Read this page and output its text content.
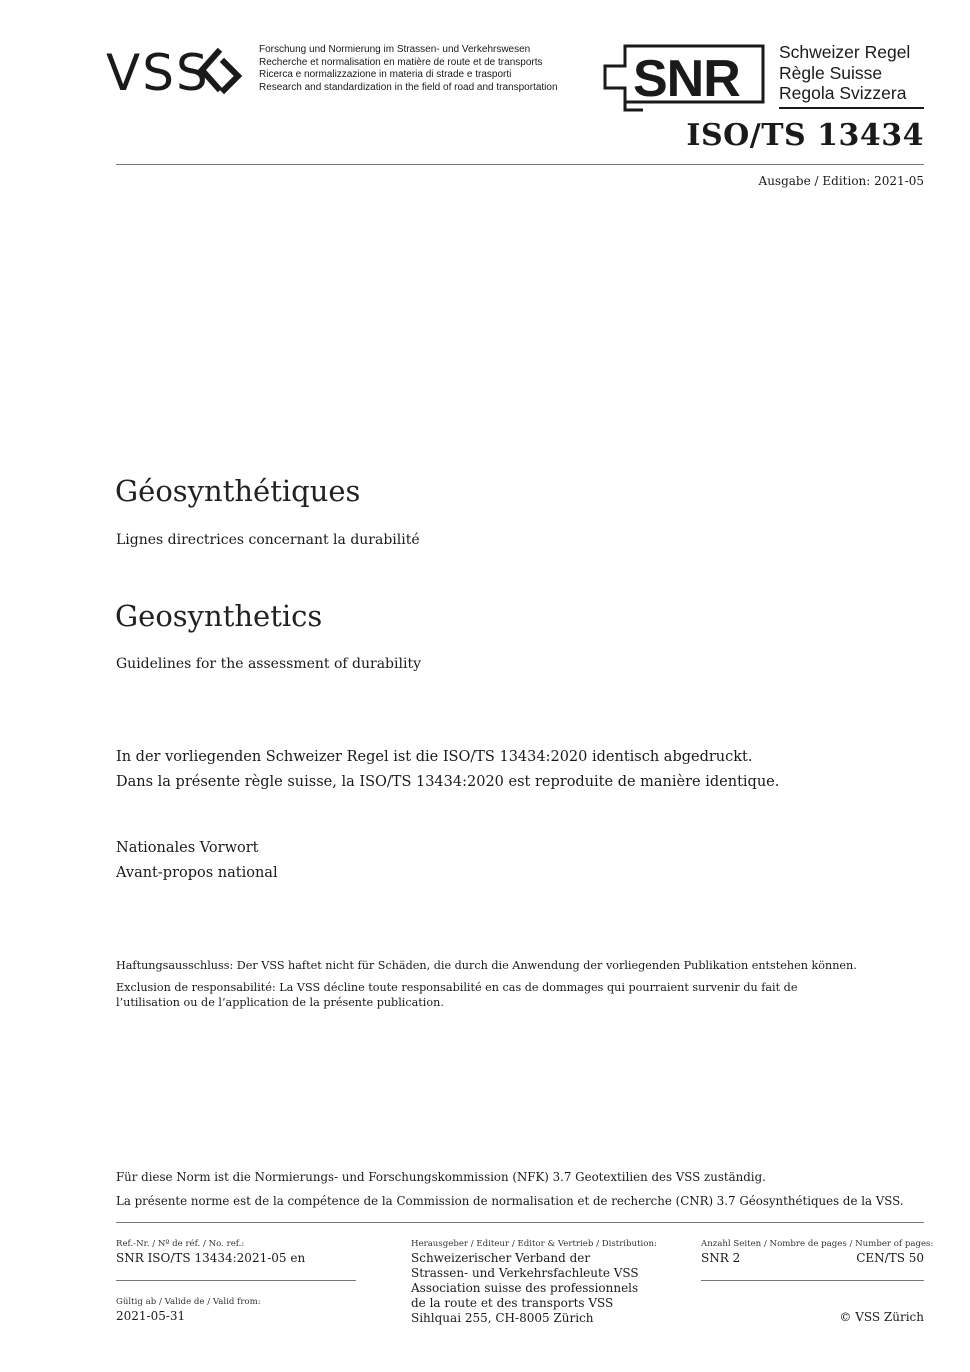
VSS	Forschung und Normierung im Strassen- und Verkehrswesen
Recherche et normalisation en matière de route et de transports
Ricerca e normalizzazione in materia di strade e trasporti
Research and standardization in the field of road and transportation SNR Schweizer Regel
Règle Suisse
Regola Svizzera
ISO/TS 13434
Ausgabe / Edition: 2021-05
Géosynthétiques
Lignes directrices concernant la durabilité
Geosynthetics
Guidelines for the assessment of durability
In der vorliegenden Schweizer Regel ist die ISO/TS 13434:2020 identisch abgedruckt.
Dans la présente règle suisse, la ISO/TS 13434:2020 est reproduite de manière identique.
Nationales Vorwort
Avant-propos national
Haftungsausschluss: Der VSS haftet nicht für Schäden, die durch die Anwendung der vorliegenden Publikation entstehen können.
Exclusion de responsabilité: La VSS décline toute responsabilité en cas de dommages qui pourraient survenir du fait de l’utilisation ou de l’application de la présente publication.
Für diese Norm ist die Normierungs- und Forschungskommission (NFK) 3.7 Geotextilien des VSS zuständig.
La présente norme est de la compétence de la Commission de normalisation et de recherche (CNR) 3.7 Géosynthétiques de la VSS.
Ref.-Nr. / Nº de réf. / No. ref.:
SNR ISO/TS 13434:2021-05 en
Gültig ab / Valide de / Valid from:
2021-05-31
Herausgeber / Editeur / Editor & Vertrieb / Distribution:
Schweizerischer Verband der
Strassen- und Verkehrsfachleute VSS
Association suisse des professionnels
de la route et des transports VSS
Sihlquai 255, CH-8005 Zürich
Anzahl Seiten / Nombre de pages / Number of pages:
SNR 2	CEN/TS 50
© VSS Zürich
